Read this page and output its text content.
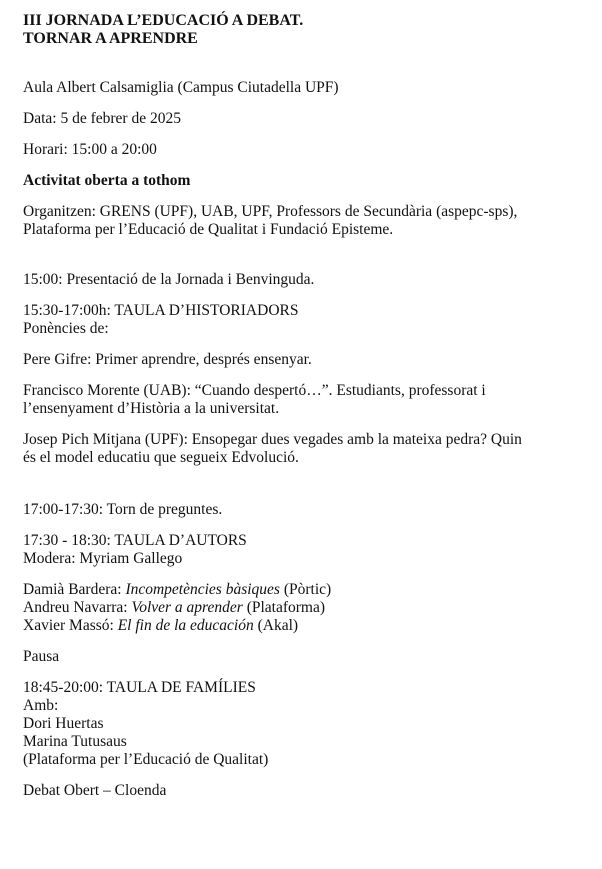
III JORNADA L’EDUCACIÓ A DEBAT.
TORNAR A APRENDRE
Aula Albert Calsamiglia (Campus Ciutadella UPF)
Data: 5 de febrer de 2025
Horari: 15:00 a 20:00
Activitat oberta a tothom
Organitzen: GRENS (UPF), UAB, UPF, Professors de Secundària (aspepc-sps),
Plataforma per l’Educació de Qualitat i Fundació Episteme.
15:00: Presentació de la Jornada i Benvinguda.
15:30-17:00h: TAULA D’HISTORIADORS
Ponències de:
Pere Gifre: Primer aprendre, després ensenyar.
Francisco Morente (UAB): “Cuando despertó…”. Estudiants, professorat i
l’ensenyament d’Història a la universitat.
Josep Pich Mitjana (UPF): Ensopegar dues vegades amb la mateixa pedra? Quin
és el model educatiu que segueix Edvolució.
17:00-17:30: Torn de preguntes.
17:30 - 18:30: TAULA D’AUTORS
Modera: Myriam Gallego
Damià Bardera: Incompetències bàsiques (Pòrtic)
Andreu Navarra: Volver a aprender (Plataforma)
Xavier Massó: El fin de la educación (Akal)
Pausa
18:45-20:00: TAULA DE FAMÍLIES
Amb:
Dori Huertas
Marina Tutusaus
(Plataforma per l’Educació de Qualitat)
Debat Obert – Cloenda
